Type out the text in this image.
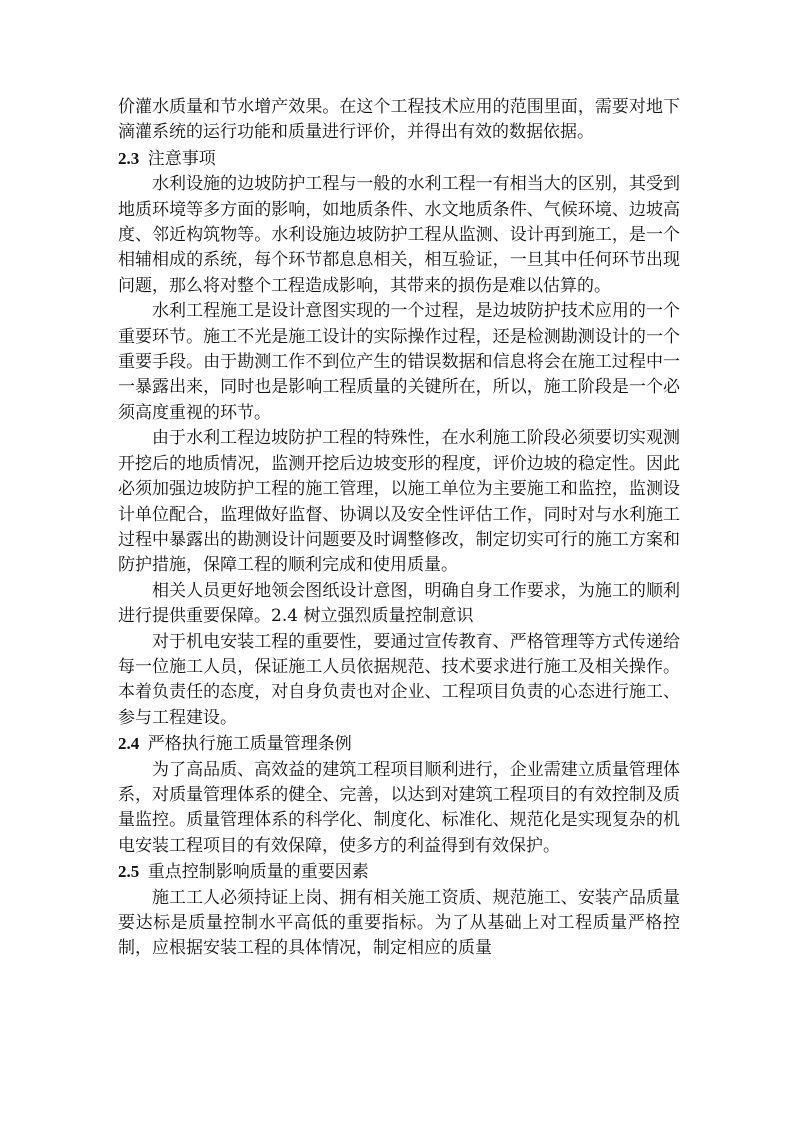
价灌水质量和节水增产效果。在这个工程技术应用的范围里面，需要对地下滴灌系统的运行功能和质量进行评价，并得出有效的数据依据。

2.3 注意事项

水利设施的边坡防护工程与一般的水利工程一有相当大的区别，其受到地质环境等多方面的影响，如地质条件、水文地质条件、气候环境、边坡高度、邻近构筑物等。水利设施边坡防护工程从监测、设计再到施工，是一个相辅相成的系统，每个环节都息息相关，相互验证，一旦其中任何环节出现问题，那么将对整个工程造成影响，其带来的损伤是难以估算的。

水利工程施工是设计意图实现的一个过程，是边坡防护技术应用的一个重要环节。施工不光是施工设计的实际操作过程，还是检测勘测设计的一个重要手段。由于勘测工作不到位产生的错误数据和信息将会在施工过程中一一暴露出来，同时也是影响工程质量的关键所在，所以，施工阶段是一个必须高度重视的环节。

由于水利工程边坡防护工程的特殊性，在水利施工阶段必须要切实观测开挖后的地质情况，监测开挖后边坡变形的程度，评价边坡的稳定性。因此必须加强边坡防护工程的施工管理，以施工单位为主要施工和监控，监测设计单位配合，监理做好监督、协调以及安全性评估工作，同时对与水利施工过程中暴露出的勘测设计问题要及时调整修改，制定切实可行的施工方案和防护措施，保障工程的顺利完成和使用质量。

相关人员更好地领会图纸设计意图，明确自身工作要求，为施工的顺利进行提供重要保障。2.4 树立强烈质量控制意识

对于机电安装工程的重要性，要通过宣传教育、严格管理等方式传递给每一位施工人员，保证施工人员依据规范、技术要求进行施工及相关操作。本着负责任的态度，对自身负责也对企业、工程项目负责的心态进行施工、参与工程建设。

2.4 严格执行施工质量管理条例

为了高品质、高效益的建筑工程项目顺利进行，企业需建立质量管理体系，对质量管理体系的健全、完善，以达到对建筑工程项目的有效控制及质量监控。质量管理体系的科学化、制度化、标准化、规范化是实现复杂的机电安装工程项目的有效保障，使多方的利益得到有效保护。

2.5 重点控制影响质量的重要因素

施工工人必须持证上岗、拥有相关施工资质、规范施工、安装产品质量要达标是质量控制水平高低的重要指标。为了从基础上对工程质量严格控制，应根据安装工程的具体情况，制定相应的质量
